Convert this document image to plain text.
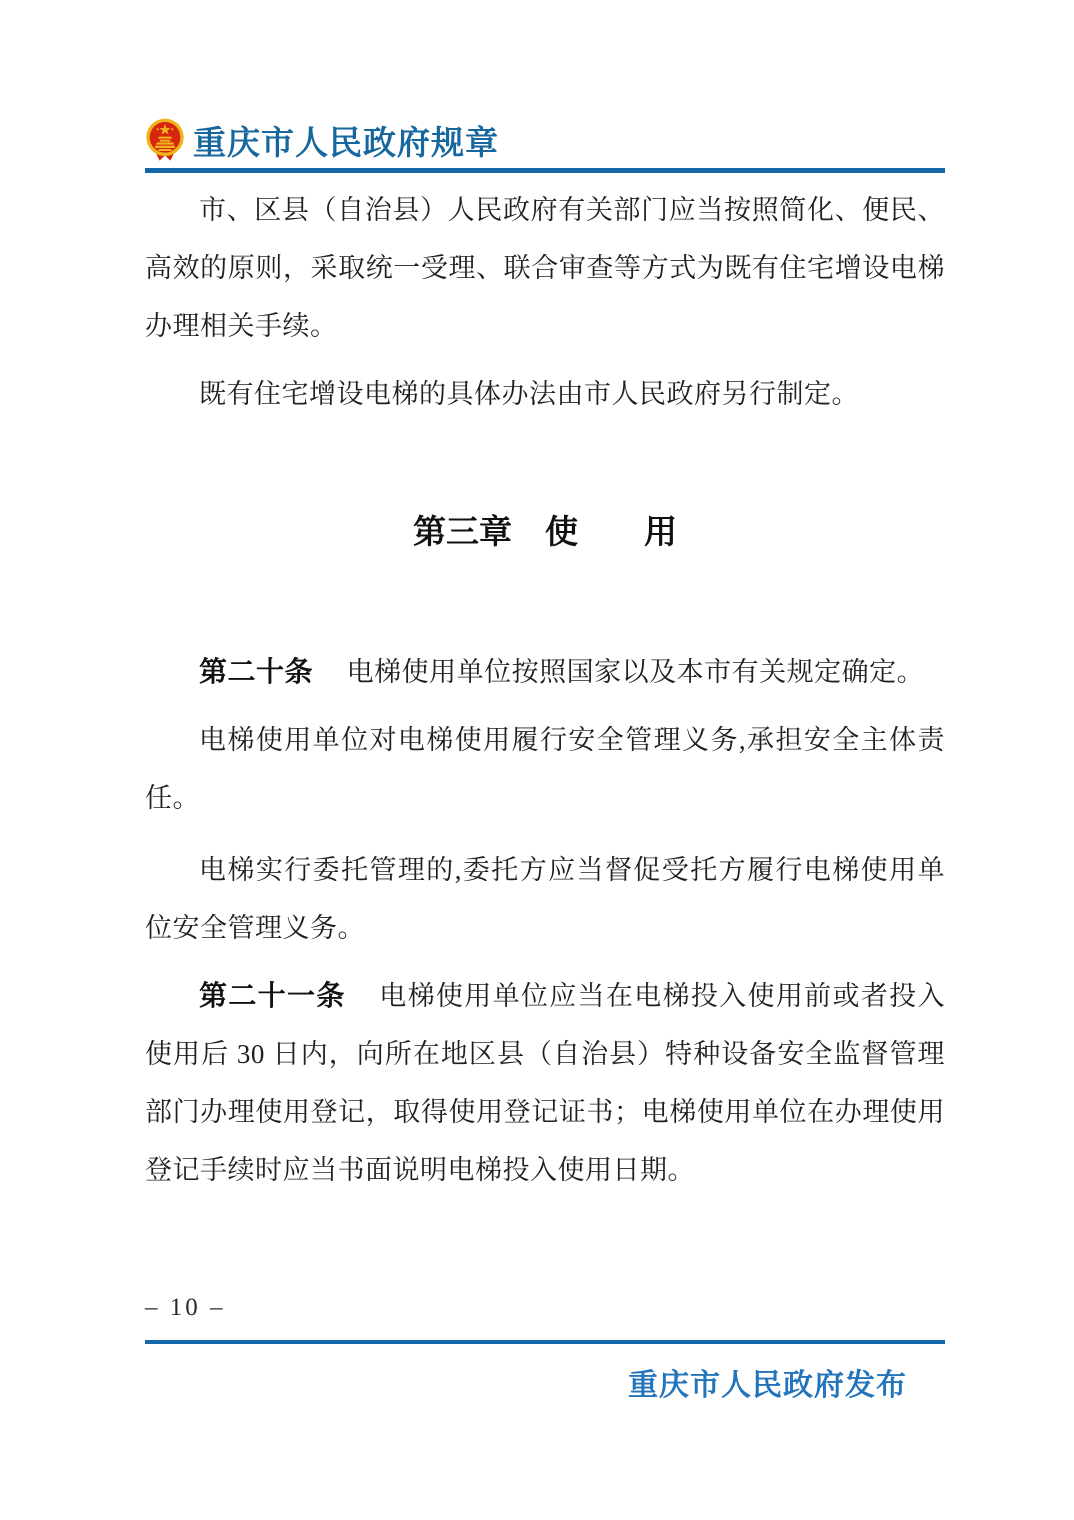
重庆市人民政府规章

市、区县（自治县）人民政府有关部门应当按照简化、便民、高效的原则，采取统一受理、联合审查等方式为既有住宅增设电梯办理相关手续。

既有住宅增设电梯的具体办法由市人民政府另行制定。

第三章　使　　用

第二十条 电梯使用单位按照国家以及本市有关规定确定。

电梯使用单位对电梯使用履行安全管理义务,承担安全主体责任。

电梯实行委托管理的,委托方应当督促受托方履行电梯使用单位安全管理义务。

第二十一条 电梯使用单位应当在电梯投入使用前或者投入使用后 30 日内，向所在地区县（自治县）特种设备安全监督管理部门办理使用登记，取得使用登记证书；电梯使用单位在办理使用登记手续时应当书面说明电梯投入使用日期。

– 10 –
重庆市人民政府发布
